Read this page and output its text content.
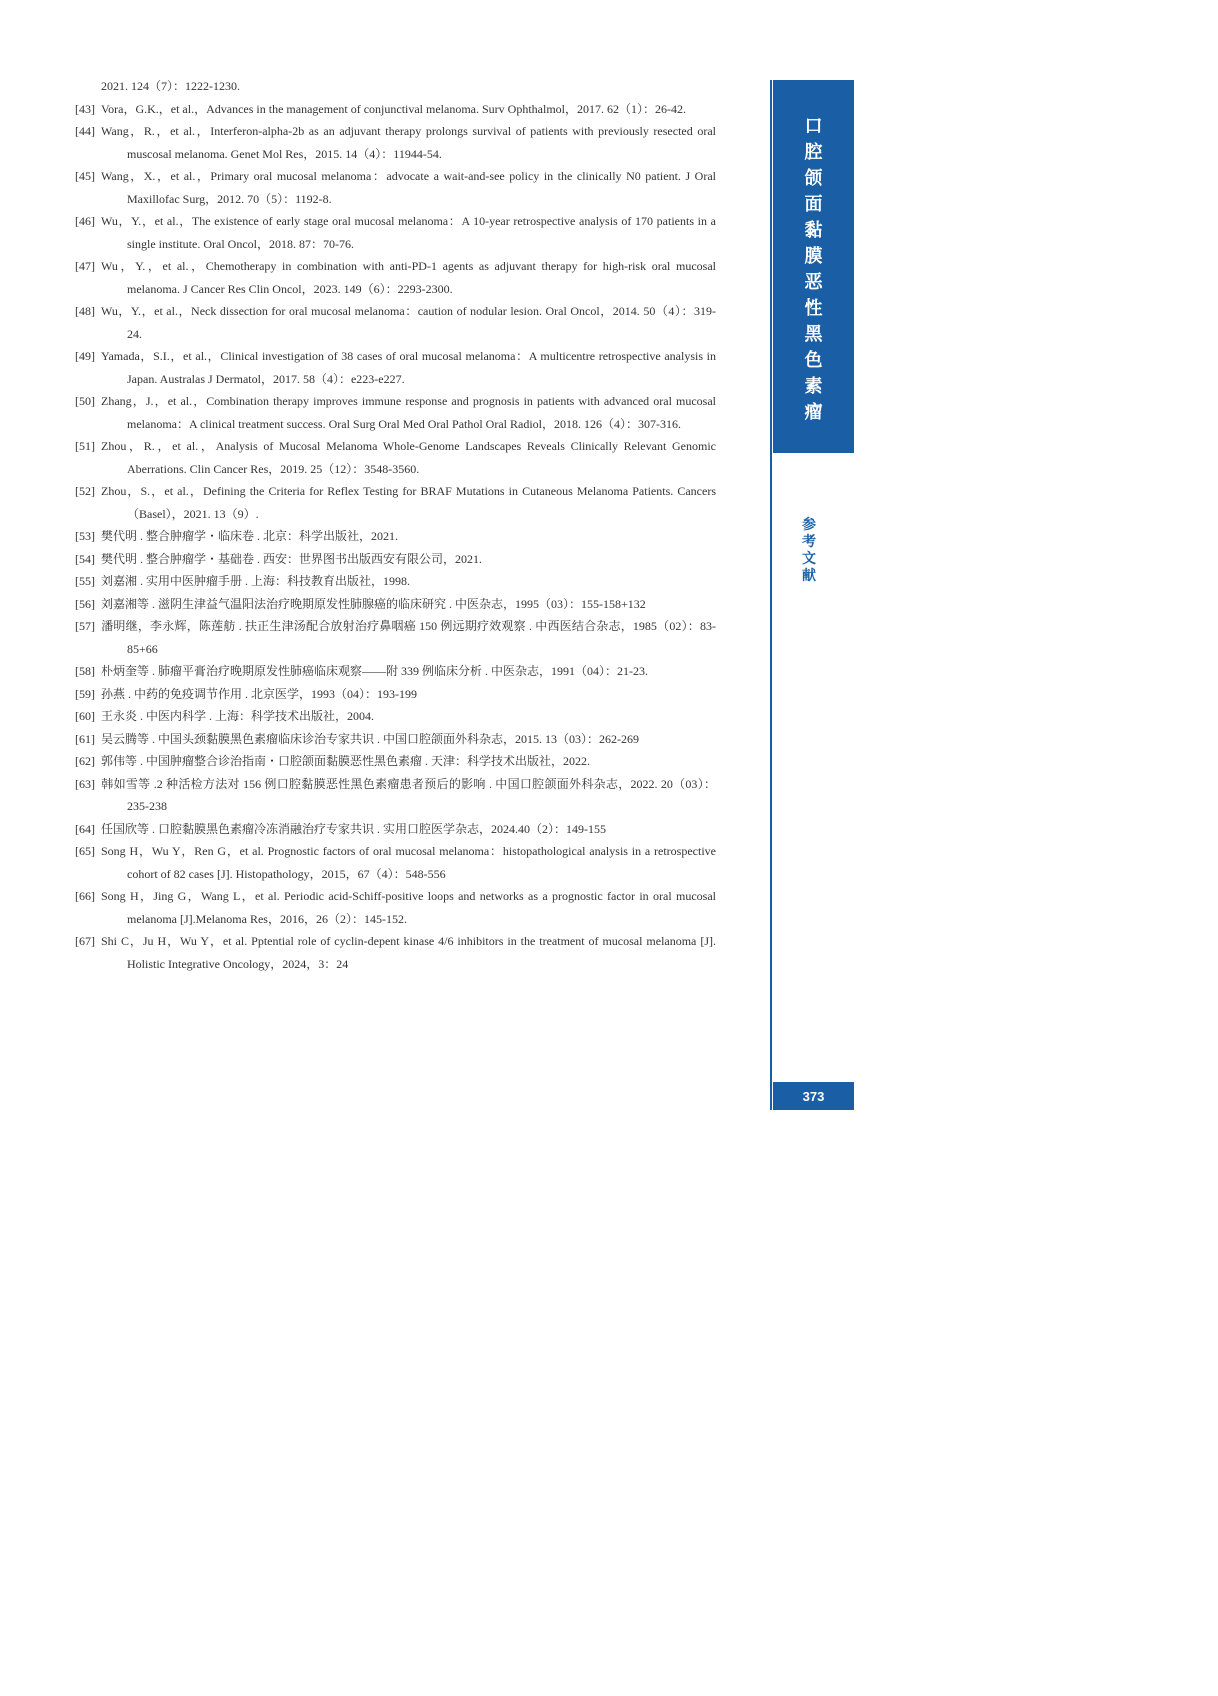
2021. 124（7）：1222-1230.

[43] Vora，G.K.，et al.，Advances in the management of conjunctival melanoma. Surv Ophthalmol，2017. 62（1）：26-42.

[44] Wang，R.，et al.，Interferon-alpha-2b as an adjuvant therapy prolongs survival of patients with previously resected oral muscosal melanoma. Genet Mol Res，2015. 14（4）：11944-54.

[45] Wang，X.，et al.，Primary oral mucosal melanoma：advocate a wait-and-see policy in the clinically N0 patient. J Oral Maxillofac Surg，2012. 70（5）：1192-8.

[46] Wu，Y.，et al.，The existence of early stage oral mucosal melanoma：A 10-year retrospective analysis of 170 patients in a single institute. Oral Oncol，2018. 87：70-76.

[47] Wu，Y.，et al.，Chemotherapy in combination with anti-PD-1 agents as adjuvant therapy for high-risk oral mucosal melanoma. J Cancer Res Clin Oncol，2023. 149（6）：2293-2300.

[48] Wu，Y.，et al.，Neck dissection for oral mucosal melanoma：caution of nodular lesion. Oral Oncol，2014. 50（4）：319-24.

[49] Yamada，S.I.，et al.，Clinical investigation of 38 cases of oral mucosal melanoma：A multicentre retrospective analysis in Japan. Australas J Dermatol，2017. 58（4）：e223-e227.

[50] Zhang，J.，et al.，Combination therapy improves immune response and prognosis in patients with advanced oral mucosal melanoma：A clinical treatment success. Oral Surg Oral Med Oral Pathol Oral Radiol，2018. 126（4）：307-316.

[51] Zhou，R.，et al.，Analysis of Mucosal Melanoma Whole-Genome Landscapes Reveals Clinically Relevant Genomic Aberrations. Clin Cancer Res，2019. 25（12）：3548-3560.

[52] Zhou，S.，et al.，Defining the Criteria for Reflex Testing for BRAF Mutations in Cutaneous Melanoma Patients. Cancers（Basel），2021. 13（9）.

[53] 樊代明 . 整合肿瘤学・临床卷 . 北京：科学出版社，2021.

[54] 樊代明 . 整合肿瘤学・基础卷 . 西安：世界图书出版西安有限公司，2021.

[55] 刘嘉湘 . 实用中医肿瘤手册 . 上海：科技教育出版社，1998.

[56] 刘嘉湘等 . 滋阴生津益气温阳法治疗晚期原发性肺腺癌的临床研究 . 中医杂志，1995（03）：155-158+132

[57] 潘明继，李永辉，陈莲舫 . 扶正生津汤配合放射治疗鼻咽癌 150 例远期疗效观察 . 中西医结合杂志，1985（02）：83-85+66

[58] 朴炳奎等 . 肺瘤平膏治疗晚期原发性肺癌临床观察——附 339 例临床分析 . 中医杂志，1991（04）：21-23.

[59] 孙燕 . 中药的免疫调节作用 . 北京医学，1993（04）：193-199

[60] 王永炎 . 中医内科学 . 上海：科学技术出版社，2004.

[61] 吴云腾等 . 中国头颈黏膜黑色素瘤临床诊治专家共识 . 中国口腔颌面外科杂志，2015. 13（03）：262-269

[62] 郭伟等 . 中国肿瘤整合诊治指南・口腔颌面黏膜恶性黑色素瘤 . 天津：科学技术出版社，2022.

[63] 韩如雪等 .2 种活检方法对 156 例口腔黏膜恶性黑色素瘤患者预后的影响 . 中国口腔颌面外科杂志，2022. 20（03）：235-238

[64] 任国欣等 . 口腔黏膜黑色素瘤冷冻消融治疗专家共识 . 实用口腔医学杂志，2024.40（2）：149-155

[65] Song H，Wu Y，Ren G，et al. Prognostic factors of oral mucosal melanoma：histopathological analysis in a retrospective cohort of 82 cases [J]. Histopathology，2015，67（4）：548-556

[66] Song H，Jing G，Wang L，et al. Periodic acid-Schiff-positive loops and networks as a prognostic factor in oral mucosal melanoma [J].Melanoma Res，2016，26（2）：145-152.

[67] Shi C，Ju H，Wu Y，et al. Pptential role of cyclin-depent kinase 4/6 inhibitors in the treatment of mucosal melanoma [J]. Holistic Integrative Oncology，2024，3：24

口
腔
颌
面
黏
膜
恶
性
黑
色
素
瘤
参
考
文
献
373
